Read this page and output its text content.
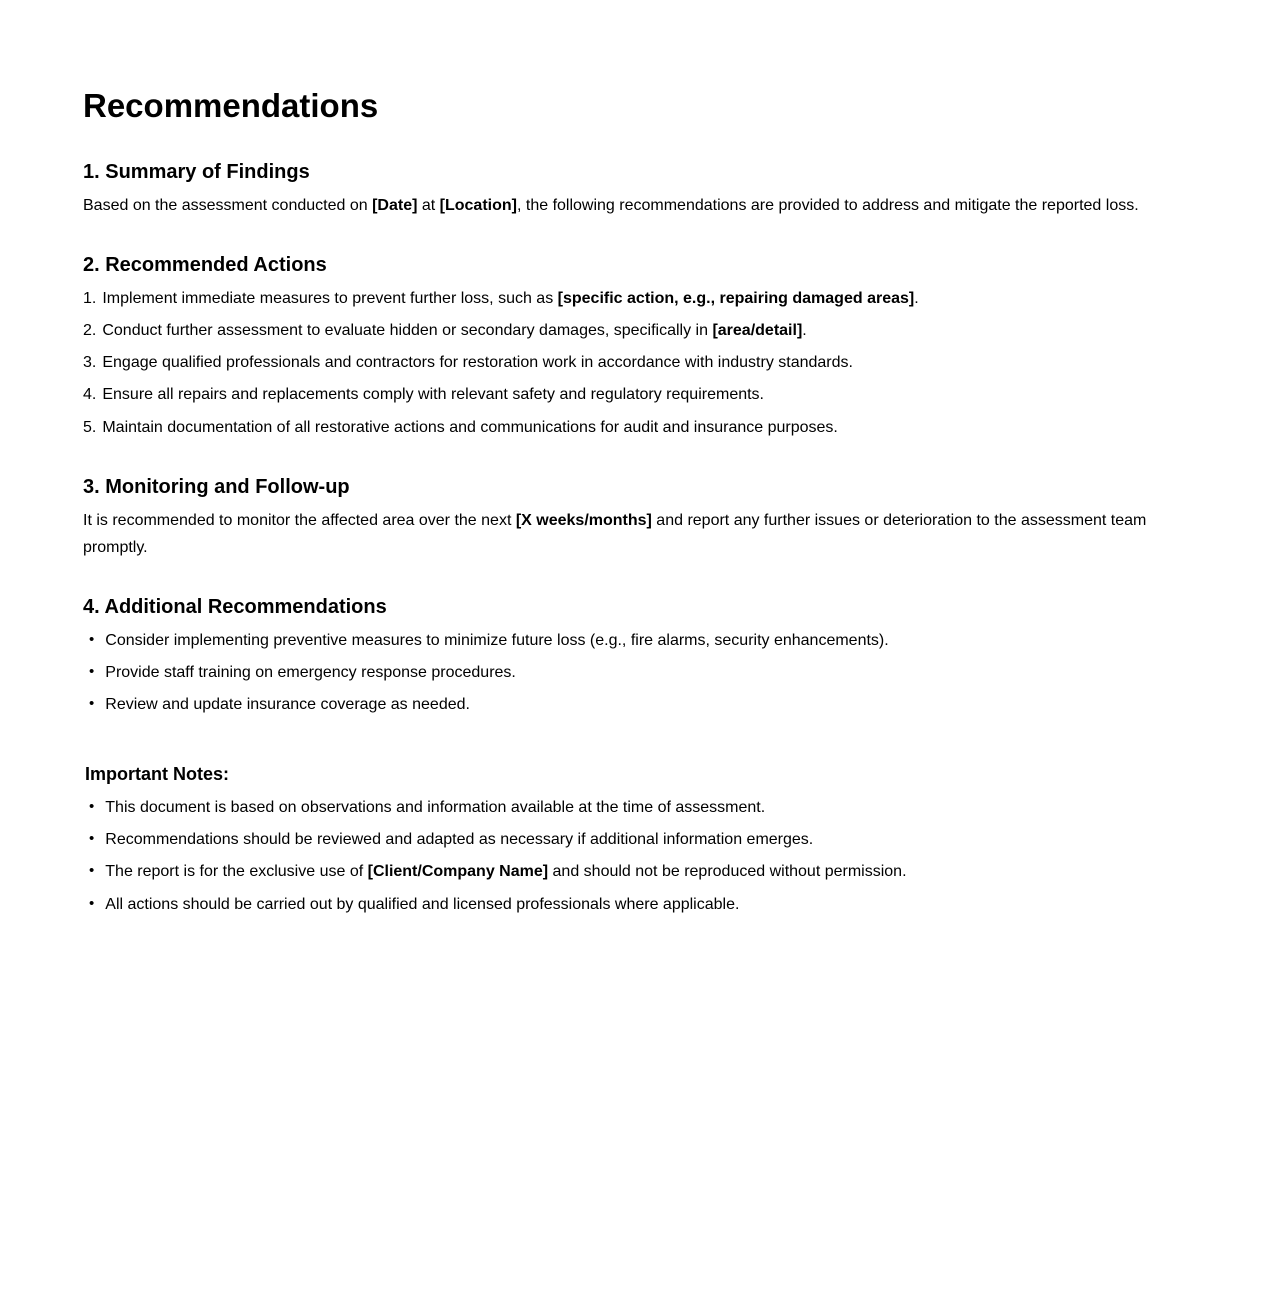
Recommendations
1. Summary of Findings

Based on the assessment conducted on [Date] at [Location], the following recommendations are provided to address and mitigate the reported loss.

2. Recommended Actions
1. Implement immediate measures to prevent further loss, such as [specific action, e.g., repairing damaged areas].
2. Conduct further assessment to evaluate hidden or secondary damages, specifically in [area/detail].
3. Engage qualified professionals and contractors for restoration work in accordance with industry standards.
4. Ensure all repairs and replacements comply with relevant safety and regulatory requirements.
5. Maintain documentation of all restorative actions and communications for audit and insurance purposes.
3. Monitoring and Follow-up

It is recommended to monitor the affected area over the next [X weeks/months] and report any further issues or deterioration to the assessment team promptly.

4. Additional Recommendations
• Consider implementing preventive measures to minimize future loss (e.g., fire alarms, security enhancements).
• Provide staff training on emergency response procedures.
• Review and update insurance coverage as needed.
Important Notes:
• This document is based on observations and information available at the time of assessment.
• Recommendations should be reviewed and adapted as necessary if additional information emerges.
• The report is for the exclusive use of [Client/Company Name] and should not be reproduced without permission.
• All actions should be carried out by qualified and licensed professionals where applicable.
